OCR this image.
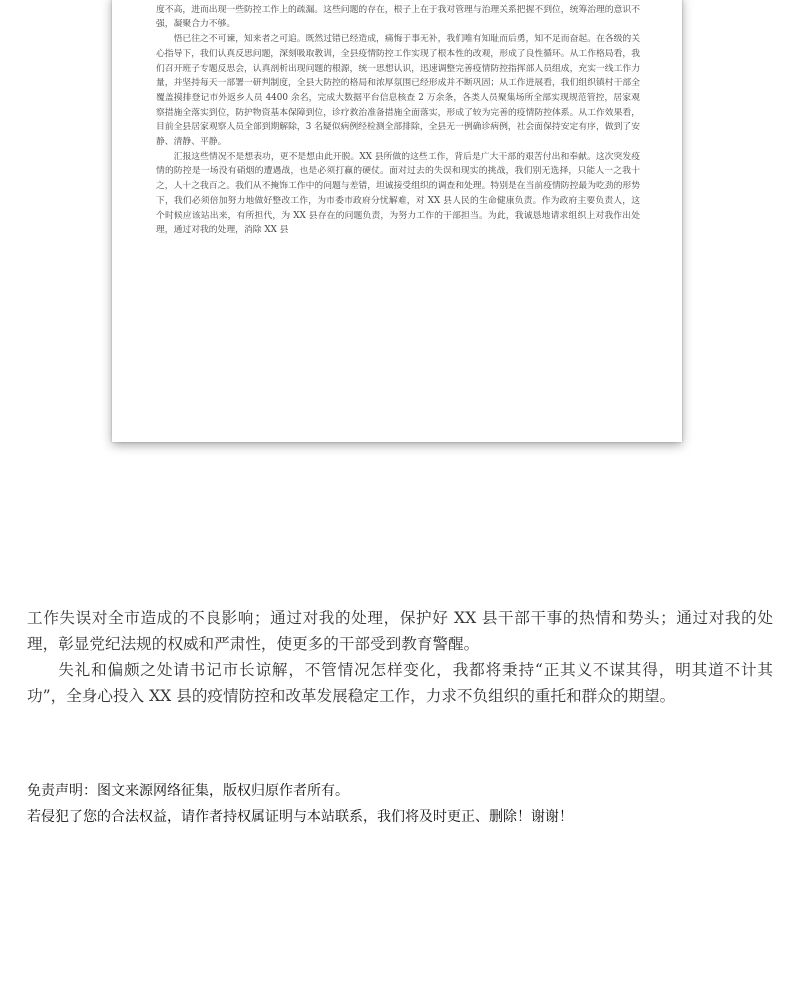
度不高，进而出现一些防控工作上的疏漏。这些问题的存在，根子上在于我对管理与治理关系把握不到位，统筹治理的意识不强，凝聚合力不够。

悟已往之不可谏，知来者之可追。既然过错已经造成，痛悔于事无补，我们唯有知耻而后勇，知不足而奋起。在各级的关心指导下，我们认真反思问题，深刻吸取教训，全县疫情防控工作实现了根本性的改观，形成了良性循环。从工作格局看，我们召开班子专题反思会，认真剖析出现问题的根源，统一思想认识，迅速调整完善疫情防控指挥部人员组成，充实一线工作力量，并坚持每天一部署一研判制度，全县大防控的格局和浓厚氛围已经形成并不断巩固；从工作进展看，我们组织镇村干部全覆盖摸排登记市外返乡人员 4400 余名，完成大数据平台信息核查 2 万余条，各类人员聚集场所全部实现规范管控，居家观察措施全落实到位，防护物资基本保障到位，诊疗救治准备措施全面落实，形成了较为完善的疫情防控体系。从工作效果看，目前全县居家观察人员全部到期解除，3 名疑似病例经检测全部排除，全县无一例确诊病例，社会面保持安定有序，做到了安静、清静、平静。

汇报这些情况不是想表功，更不是想由此开脱。XX 县所做的这些工作，背后是广大干部的艰苦付出和奉献。这次突发疫情的防控是一场没有硝烟的遭遇战，也是必须打赢的硬仗。面对过去的失误和现实的挑战，我们别无选择，只能人一之我十之，人十之我百之。我们从不掩饰工作中的问题与差错，坦诚接受组织的调查和处理。特别是在当前疫情防控最为吃劲的形势下，我们必须倍加努力地做好整改工作，为市委市政府分忧解难，对 XX 县人民的生命健康负责。作为政府主要负责人，这个时候应该站出来，有所担代，为 XX 县存在的问题负责，为努力工作的干部担当。为此，我诚恳地请求组织上对我作出处理，通过对我的处理，消除 XX 县

工作失误对全市造成的不良影响；通过对我的处理，保护好 XX 县干部干事的热情和势头；通过对我的处理，彰显党纪法规的权威和严肃性，使更多的干部受到教育警醒。

失礼和偏颇之处请书记市长谅解，不管情况怎样变化，我都将秉持“正其义不谋其得，明其道不计其功”，全身心投入 XX 县的疫情防控和改革发展稳定工作，力求不负组织的重托和群众的期望。

免责声明：图文来源网络征集，版权归原作者所有。

若侵犯了您的合法权益，请作者持权属证明与本站联系，我们将及时更正、删除！谢谢！
